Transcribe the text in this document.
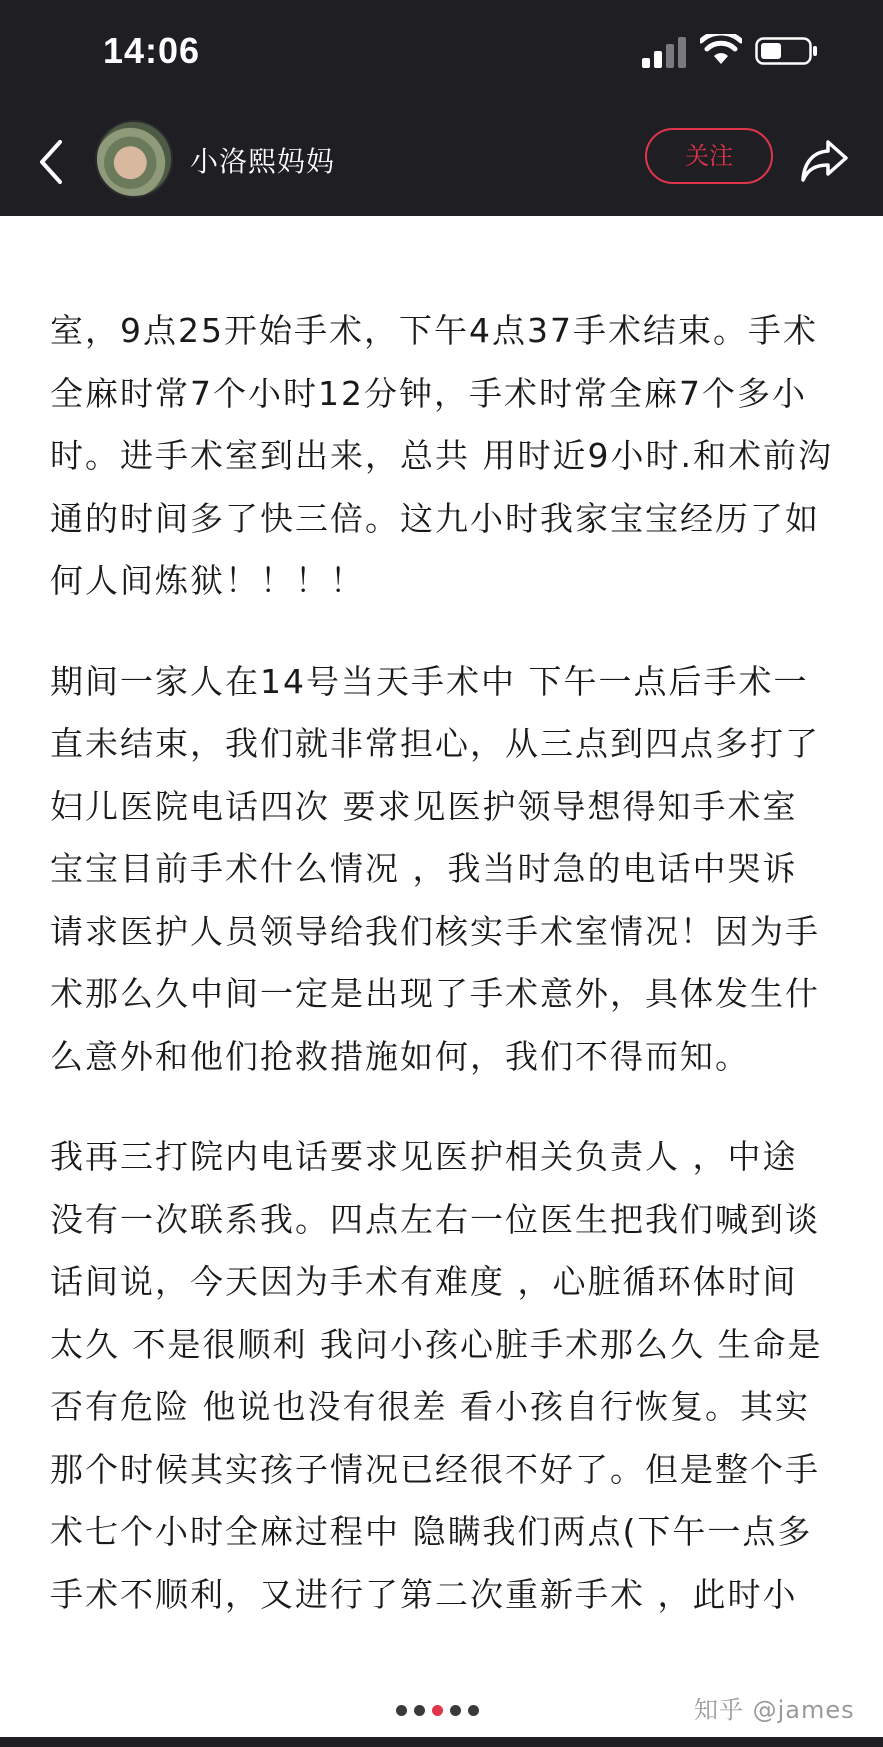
14:06
小洛熙妈妈	关注

室，9点25开始手术，下午4点37手术结束。手术
全麻时常7个小时12分钟，手术时常全麻7个多小
时。进手术室到出来，总共 用时近9小时.和术前沟
通的时间多了快三倍。这九小时我家宝宝经历了如
何人间炼狱！！！！

期间一家人在14号当天手术中 下午一点后手术一
直未结束，我们就非常担心，从三点到四点多打了
妇儿医院电话四次 要求见医护领导想得知手术室
宝宝目前手术什么情况 ，我当时急的电话中哭诉
请求医护人员领导给我们核实手术室情况！因为手
术那么久中间一定是出现了手术意外，具体发生什
么意外和他们抢救措施如何，我们不得而知。

我再三打院内电话要求见医护相关负责人 ，中途
没有一次联系我。四点左右一位医生把我们喊到谈
话间说，今天因为手术有难度 ，心脏循环体时间
太久 不是很顺利 我问小孩心脏手术那么久 生命是
否有危险 他说也没有很差 看小孩自行恢复。其实
那个时候其实孩子情况已经很不好了。但是整个手
术七个小时全麻过程中 隐瞒我们两点(下午一点多
手术不顺利，又进行了第二次重新手术 ，此时小

知乎 @james
